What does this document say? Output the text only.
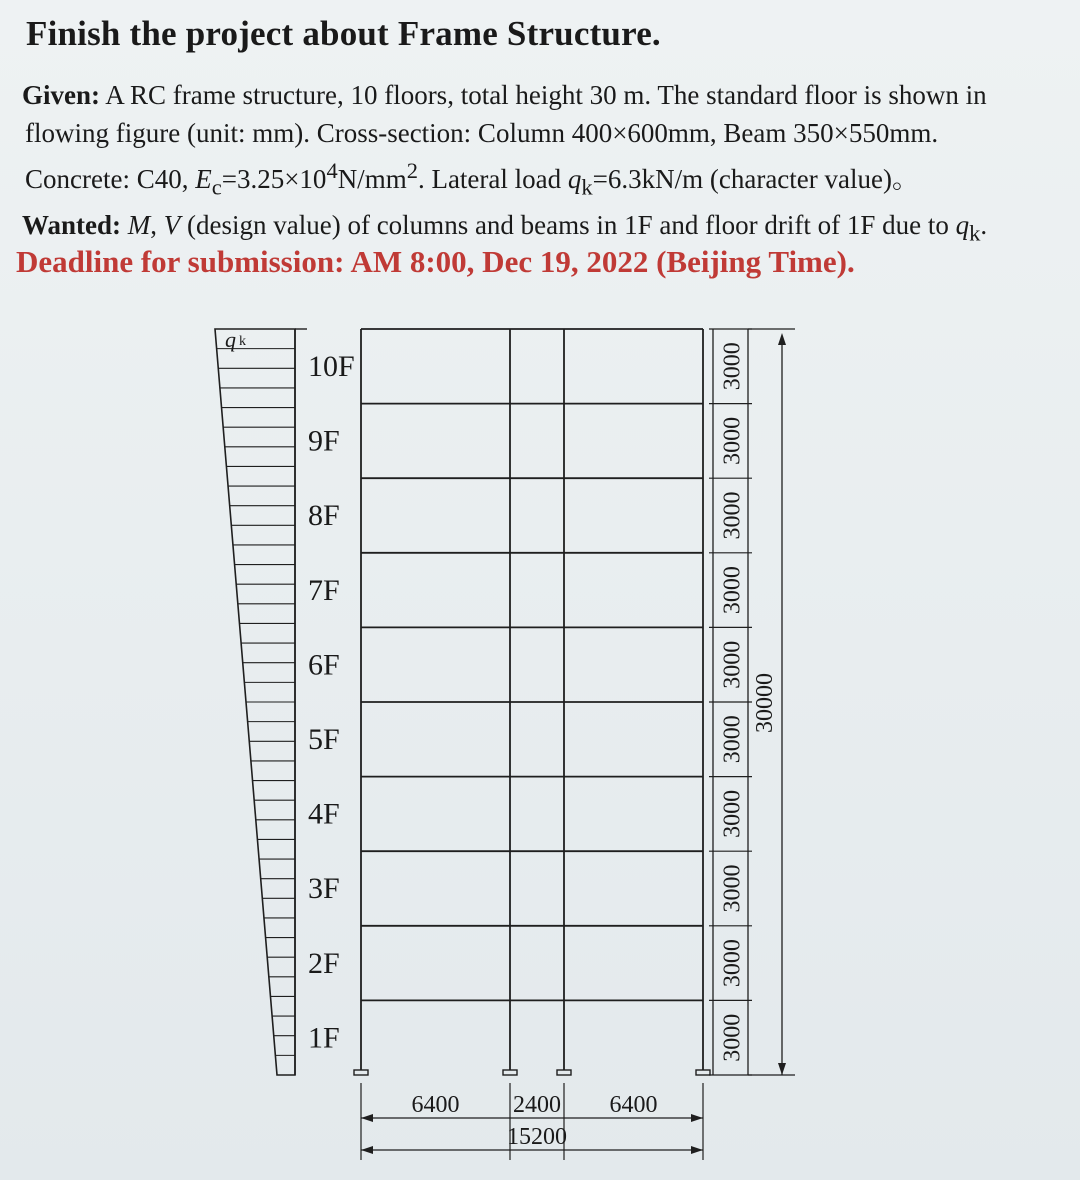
Finish the project about Frame Structure.
Given: A RC frame structure, 10 floors, total height 30 m. The standard floor is shown in
flowing figure (unit: mm). Cross-section: Column 400×600mm, Beam 350×550mm.
Concrete: C40, $E_c=3.25\times 10^4N/mm^2$. Lateral load $q_k=6.3kN/m$ (character value)。
Wanted: M, V (design value) of columns and beams in 1F and floor drift of 1F due to $q_k$.
Deadline for submission: AM 8:00, Dec 19, 2022 (Beijing Time).
q k
10F
9F
8F
7F
6F
5F
4F
3F
2F
1F
3000
3000
3000
3000
3000
3000
3000
3000
3000
3000
30000
6400 2400 6400
15200
